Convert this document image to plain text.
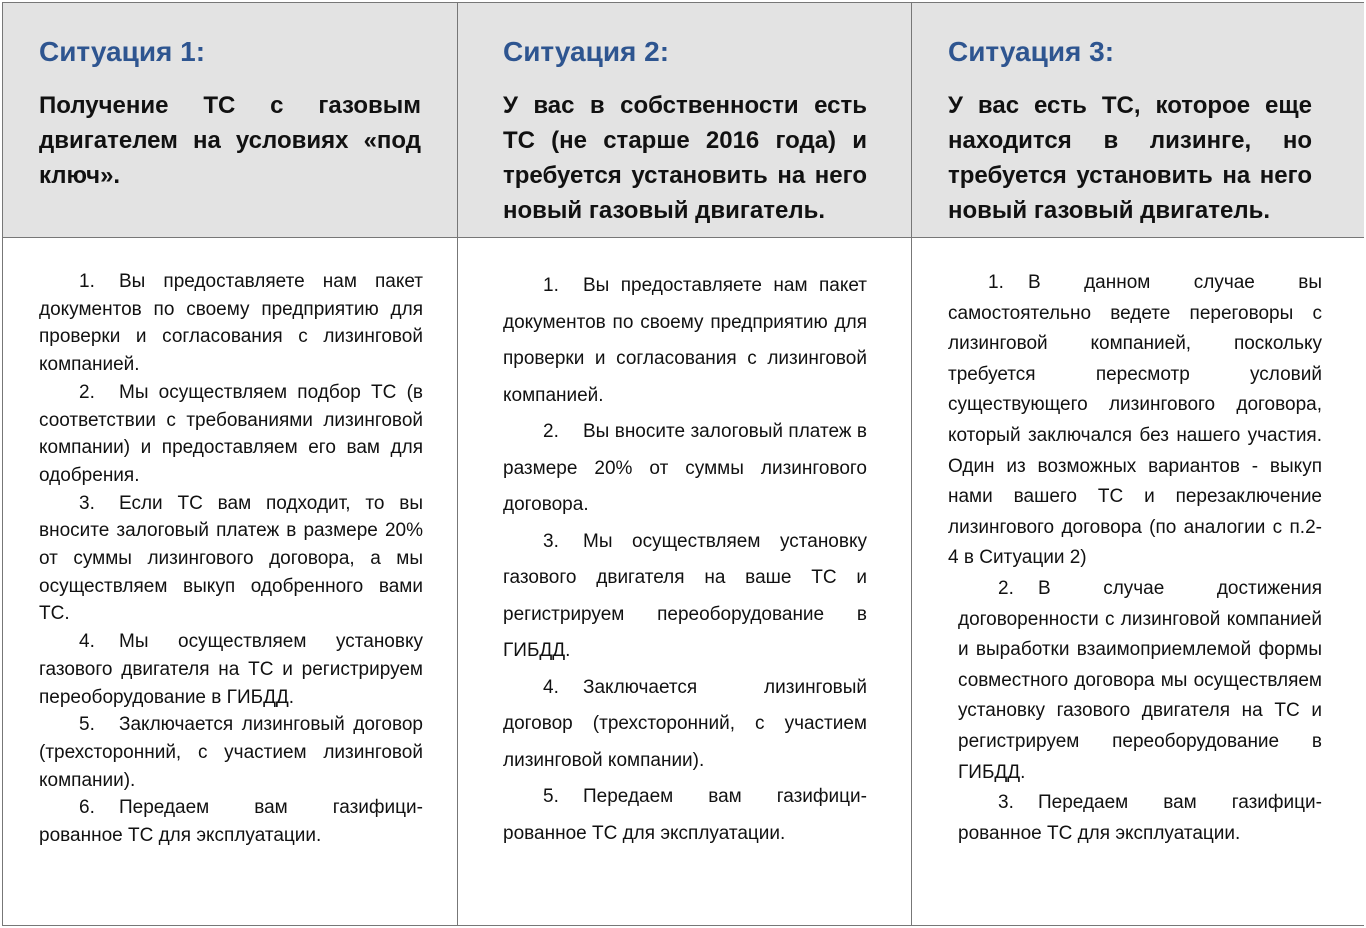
Ситуация 1:
Получение ТС с газовым двигателем на условиях «под ключ».
1. Вы предоставляете нам пакет документов по своему предприятию для проверки и согласования с лизинговой компанией.
2. Мы осуществляем подбор ТС (в соответствии с требованиями лизинговой компании) и предоставляем его вам для одобрения.
3. Если ТС вам подходит, то вы вносите залоговый платеж в размере 20% от суммы лизингового договора, а мы осуществляем выкуп одобренного вами ТС.
4. Мы осуществляем установку газового двигателя на ТС и регистрируем переоборудование в ГИБДД.
5. Заключается лизинговый договор (трехсторонний, с участием лизинговой компании).
6. Передаем вам газифици-рованное ТС для эксплуатации.
Ситуация 2:
У вас в собственности есть ТС (не старше 2016 года) и требуется установить на него новый газовый двигатель.
1. Вы предоставляете нам пакет документов по своему предприятию для проверки и согласования с лизинговой компанией.
2. Вы вносите залоговый платеж в размере 20% от суммы лизингового договора.
3. Мы осуществляем установку газового двигателя на ваше ТС и регистрируем переоборудование в ГИБДД.
4. Заключается лизинговый договор (трехсторонний, с участием лизинговой компании).
5. Передаем вам газифици-рованное ТС для эксплуатации.
Ситуация 3:
У вас есть ТС, которое еще находится в лизинге, но требуется установить на него новый газовый двигатель.
1. В данном случае вы самостоятельно ведете переговоры с лизинговой компанией, поскольку требуется пересмотр условий существующего лизингового договора, который заключался без нашего участия. Один из возможных вариантов - выкуп нами вашего ТС и перезаключение лизингового договора (по аналогии с п.2-4 в Ситуации 2)
2. В случае достижения договоренности с лизинговой компанией и выработки взаимоприемлемой формы совместного договора мы осуществляем установку газового двигателя на ТС и регистрируем переоборудование в ГИБДД.
3. Передаем вам газифици-рованное ТС для эксплуатации.
